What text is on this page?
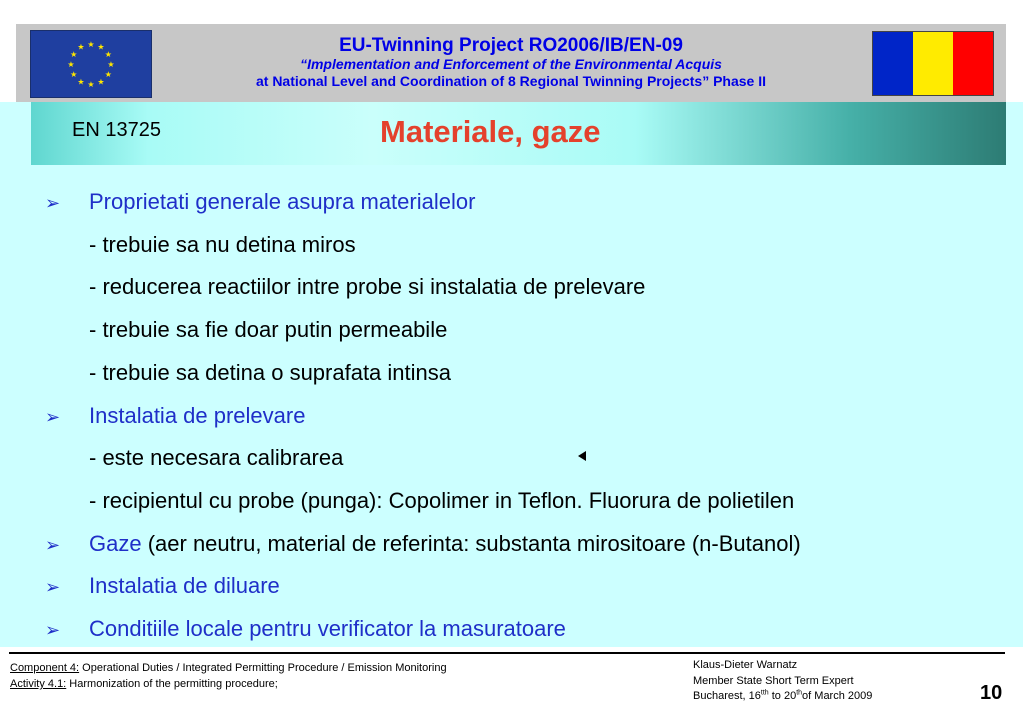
★ ★
★
★
★
★
★
★
★
★
★
★	EU-Twinning Project RO2006/IB/EN-09
“Implementation and Enforcement of the Environmental Acquis
at National Level and Coordination of 8 Regional Twinning Projects” Phase II
EN 13725	Materiale, gaze
➢ Proprietati generale asupra materialelor
- trebuie sa nu detina miros
- reducerea reactiilor intre probe si instalatia de prelevare
- trebuie sa fie doar putin permeabile
- trebuie sa detina o suprafata intinsa
➢ Instalatia de prelevare
- este necesara calibrarea
- recipientul cu probe (punga): Copolimer in Teflon. Fluorura de polietilen
➢ Gaze (aer neutru, material de referinta: substanta mirositoare (n-Butanol)
➢ Instalatia de diluare
➢ Conditiile locale pentru verificator la masuratoare
Component 4: Operational Duties / Integrated Permitting Procedure / Emission Monitoring
Activity 4.1: Harmonization of the permitting procedure;
Klaus-Dieter Warnatz
Member State Short Term Expert
Bucharest, $16^{tth}$ to 20thof March 2009	10
